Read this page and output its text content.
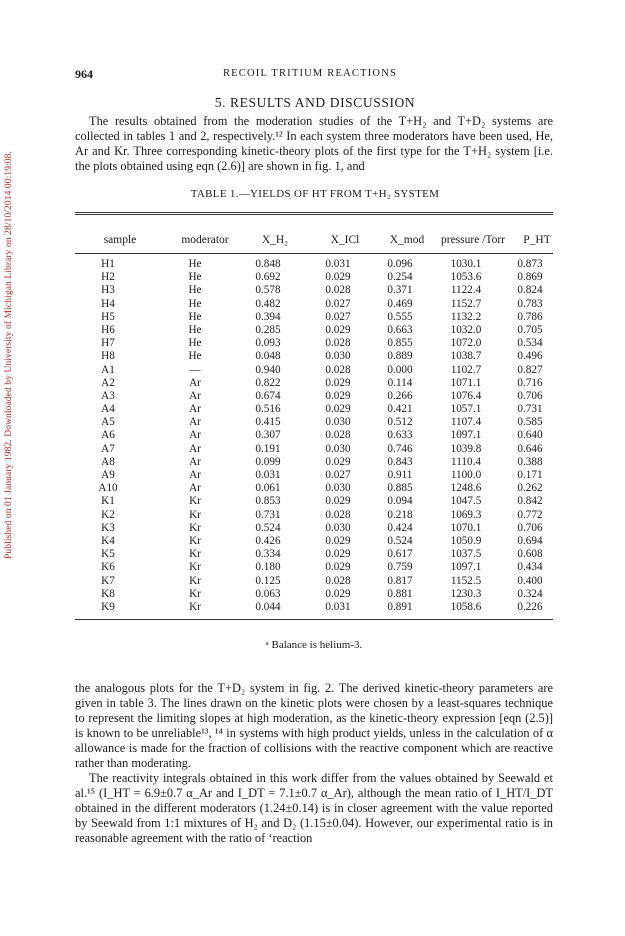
Published on 01 January 1982. Downloaded by University of Michigan Library on 28/10/2014 00:19:08.
964	RECOIL TRITIUM REACTIONS
5. RESULTS AND DISCUSSION

The results obtained from the moderation studies of the T+H₂ and T+D₂ systems are collected in tables 1 and 2, respectively.¹² In each system three moderators have been used, He, Ar and Kr. Three corresponding kinetic-theory plots of the first type for the T+H₂ system [i.e. the plots obtained using eqn (2.6)] are shown in fig. 1, and

TABLE 1.—YIELDS OF HT FROM T+H₂ SYSTEM
sample	moderator	X_H₂	X_ICl	X_mod	pressure /Torr	P_HT
H1	He	0.848	0.031	0.096	1030.1	0.873
H2	He	0.692	0.029	0.254	1053.6	0.869
H3	He	0.578	0.028	0.371	1122.4	0.824
H4	He	0.482	0.027	0.469	1152.7	0.783
H5	He	0.394	0.027	0.555	1132.2	0.786
H6	He	0.285	0.029	0.663	1032.0	0.705
H7	He	0.093	0.028	0.855	1072.0	0.534
H8	He	0.048	0.030	0.889	1038.7	0.496
A1	—	0.940	0.028	0.000	1102.7	0.827
A2	Ar	0.822	0.029	0.114	1071.1	0.716
A3	Ar	0.674	0.029	0.266	1076.4	0.706
A4	Ar	0.516	0.029	0.421	1057.1	0.731
A5	Ar	0.415	0.030	0.512	1107.4	0.585
A6	Ar	0.307	0.028	0.633	1097.1	0.640
A7	Ar	0.191	0.030	0.746	1039.8	0.646
A8	Ar	0.099	0.029	0.843	1110.4	0.388
A9	Ar	0.031	0.027	0.911	1100.0	0.171
A10	Ar	0.061	0.030	0.885	1248.6	0.262
K1	Kr	0.853	0.029	0.094	1047.5	0.842
K2	Kr	0.731	0.028	0.218	1069.3	0.772
K3	Kr	0.524	0.030	0.424	1070.1	0.706
K4	Kr	0.426	0.029	0.524	1050.9	0.694
K5	Kr	0.334	0.029	0.617	1037.5	0.608
K6	Kr	0.180	0.029	0.759	1097.1	0.434
K7	Kr	0.125	0.028	0.817	1152.5	0.400
K8	Kr	0.063	0.029	0.881	1230.3	0.324
K9	Kr	0.044	0.031	0.891	1058.6	0.226
ᵃ Balance is helium-3.

the analogous plots for the T+D₂ system in fig. 2. The derived kinetic-theory parameters are given in table 3. The lines drawn on the kinetic plots were chosen by a least-squares technique to represent the limiting slopes at high moderation, as the kinetic-theory expression [eqn (2.5)] is known to be unreliable¹³, ¹⁴ in systems with high product yields, unless in the calculation of α allowance is made for the fraction of collisions with the reactive component which are reactive rather than moderating.

The reactivity integrals obtained in this work differ from the values obtained by Seewald et al.¹⁵ (I_HT = 6.9±0.7 α_Ar and I_DT = 7.1±0.7 α_Ar), although the mean ratio of I_HT/I_DT obtained in the different moderators (1.24±0.14) is in closer agreement with the value reported by Seewald from 1:1 mixtures of H₂ and D₂ (1.15±0.04). However, our experimental ratio is in reasonable agreement with the ratio of ‘reaction
